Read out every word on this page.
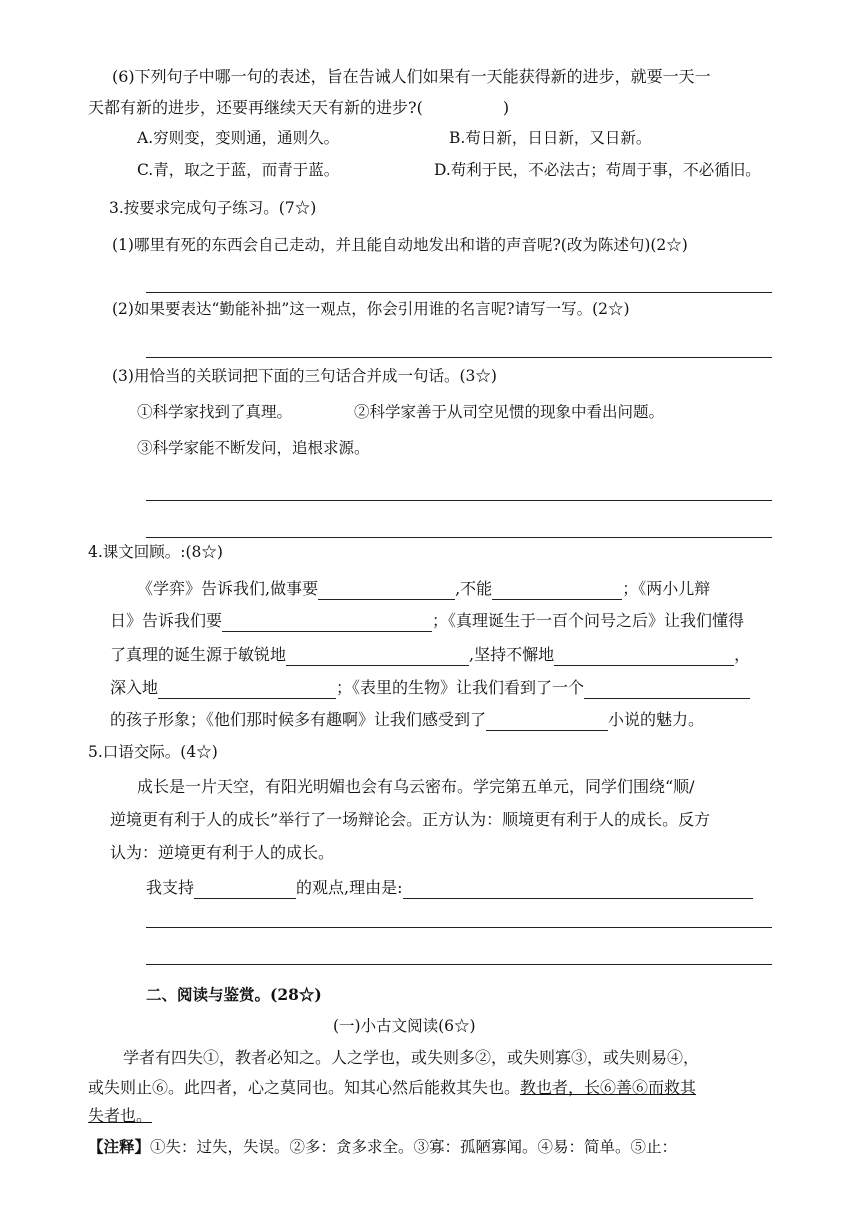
(6)下列句子中哪一句的表述，旨在告诫人们如果有一天能获得新的进步，就要一天一
天都有新的进步，还要再继续天天有新的进步?(　　　　　)
A.穷则变，变则通，通则久。	B.苟日新，日日新，又日新。
C.青，取之于蓝，而青于蓝。	D.苟利于民，不必法古；苟周于事，不必循旧。
3.按要求完成句子练习。(7☆)
(1)哪里有死的东西会自己走动，并且能自动地发出和谐的声音呢?(改为陈述句)(2☆)
(2)如果要表达“勤能补拙”这一观点，你会引用谁的名言呢?请写一写。(2☆)
(3)用恰当的关联词把下面的三句话合并成一句话。(3☆)
①科学家找到了真理。	②科学家善于从司空见惯的现象中看出问题。
③科学家能不断发问，追根求源。
4.课文回顾。:(8☆)
《学弈》告诉我们,做事要	,不能	；《两小儿辩
日》告诉我们要	；《真理诞生于一百个问号之后》让我们懂得
了真理的诞生源于敏锐地	,坚持不懈地	，
深入地	；《表里的生物》让我们看到了一个
的孩子形象；《他们那时候多有趣啊》让我们感受到了	小说的魅力。
5.口语交际。(4☆)
成长是一片天空，有阳光明媚也会有乌云密布。学完第五单元，同学们围绕“顺/
逆境更有利于人的成长”举行了一场辩论会。正方认为：顺境更有利于人的成长。反方
认为：逆境更有利于人的成长。
我支持	的观点,理由是:
二、阅读与鉴赏。(28☆)
(一)小古文阅读(6☆)
学者有四失①，教者必知之。人之学也，或失则多②，或失则寡③，或失则易④，
或失则止⑥。此四者，心之莫同也。知其心然后能救其失也。教也者，长⑥善⑥而救其
失者也。
【注释】①失：过失，失误。②多：贪多求全。③寡：孤陋寡闻。④易：简单。⑤止：
